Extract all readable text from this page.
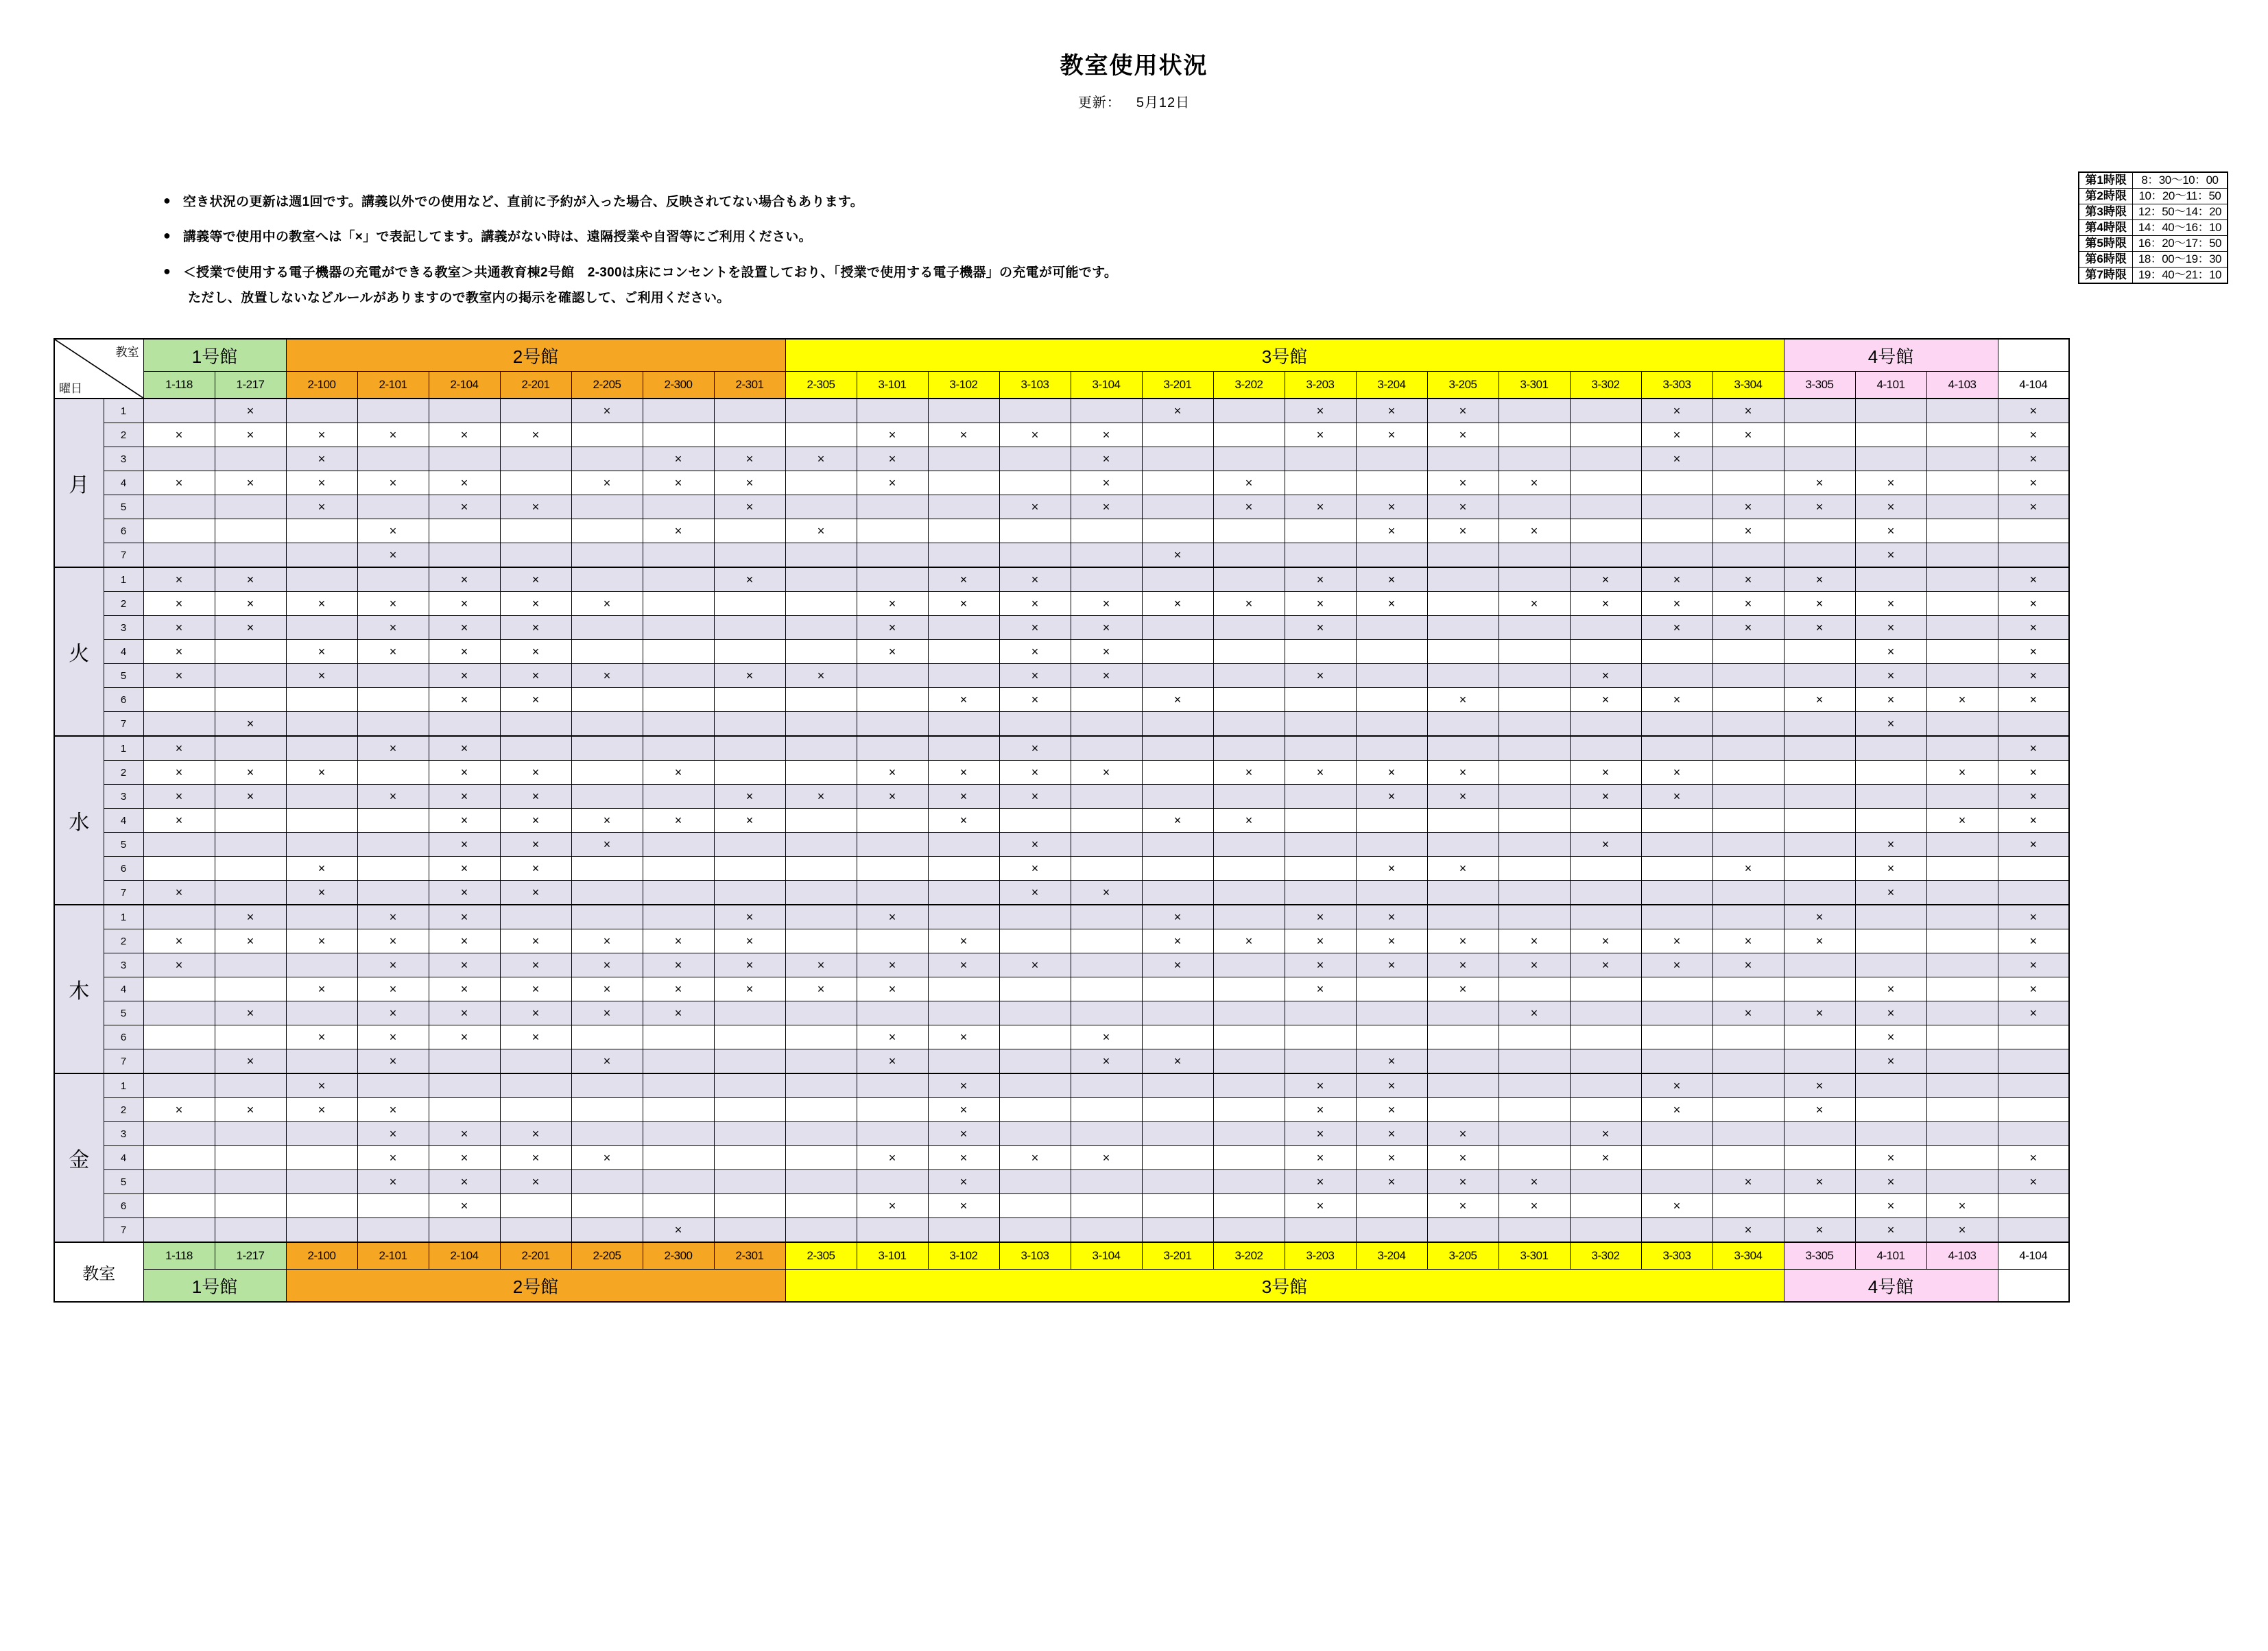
教室使用状況
更新： 5月12日
● 空き状況の更新は週1回です。講義以外での使用など、直前に予約が入った場合、反映されてない場合もあります。
● 講義等で使用中の教室へは「×」で表記してます。講義がない時は、遠隔授業や自習等にご利用ください。
● ＜授業で使用する電子機器の充電ができる教室＞共通教育棟2号館　2-300は床にコンセントを設置しており、「授業で使用する電子機器」の充電が可能です。
ただし、放置しないなどルールがありますので教室内の掲示を確認して、ご利用ください。
第1時限	8：30～10：00
第2時限	10：20～11：50
第3時限	12：50～14：20
第4時限	14：40～16：10
第5時限	16：20～17：50
第6時限	18：00～19：30
第7時限	19：40～21：10
教室
曜日		1号館		2号館							3号館														4号館			
		1-118	1-217	2-100	2-101	2-104	2-201	2-205	2-300	2-301	2-305	3-101	3-102	3-103	3-104	3-201	3-202	3-203	3-204	3-205	3-301	3-302	3-303	3-304	3-305	4-101	4-103	4-104
月	1		×					×								×		×	×	×			×	×				×
	2	×	×	×	×	×	×					×	×	×	×			×	×	×			×	×				×
	3			×					×	×	×	×			×								×					×
	4	×	×	×	×	×		×	×	×		×			×		×			×	×				×	×		×
	5			×		×	×			×				×	×		×	×	×	×				×	×	×		×
	6				×				×		×								×	×	×			×		×		
	7				×											×										×		
火	1	×	×			×	×			×			×	×				×	×			×	×	×	×			×
	2	×	×	×	×	×	×	×				×	×	×	×	×	×	×	×		×	×	×	×	×	×		×
	3	×	×		×	×	×					×		×	×			×					×	×	×	×		×
	4	×		×	×	×	×					×		×	×											×		×
	5	×		×		×	×	×		×	×			×	×			×				×				×		×
	6					×	×						×	×		×				×		×	×		×	×	×	×
	7		×																							×		
水	1	×			×	×								×														×
	2	×	×	×		×	×		×			×	×	×	×		×	×	×	×		×	×				×	×
	3	×	×		×	×	×			×	×	×	×	×					×	×		×	×					×
	4	×				×	×	×	×	×			×			×	×										×	×
	5					×	×	×						×								×				×		×
	6			×		×	×							×					×	×				×		×		
	7	×		×		×	×							×	×											×		
木	1		×		×	×				×		×				×		×	×						×			×
	2	×	×	×	×	×	×	×	×	×			×			×	×	×	×	×	×	×	×	×	×			×
	3	×			×	×	×	×	×	×	×	×	×	×		×		×	×	×	×	×	×	×				×
	4			×	×	×	×	×	×	×	×	×						×		×						×		×
	5		×		×	×	×	×	×												×			×	×	×		×
	6			×	×	×	×					×	×		×											×		
	7		×		×			×				×			×	×			×							×		
金	1			×									×					×	×				×		×			
	2	×	×	×	×								×					×	×				×		×			
	3				×	×	×						×					×	×	×		×						
	4				×	×	×	×				×	×	×	×			×	×	×		×				×		×
	5				×	×	×						×					×	×	×	×			×	×	×		×
	6					×						×	×					×		×	×		×			×	×	
	7								×															×	×	×	×	
教室		1-118	1-217	2-100	2-101	2-104	2-201	2-205	2-300	2-301	2-305	3-101	3-102	3-103	3-104	3-201	3-202	3-203	3-204	3-205	3-301	3-302	3-303	3-304	3-305	4-101	4-103	4-104
		1号館		2号館							3号館														4号館			
